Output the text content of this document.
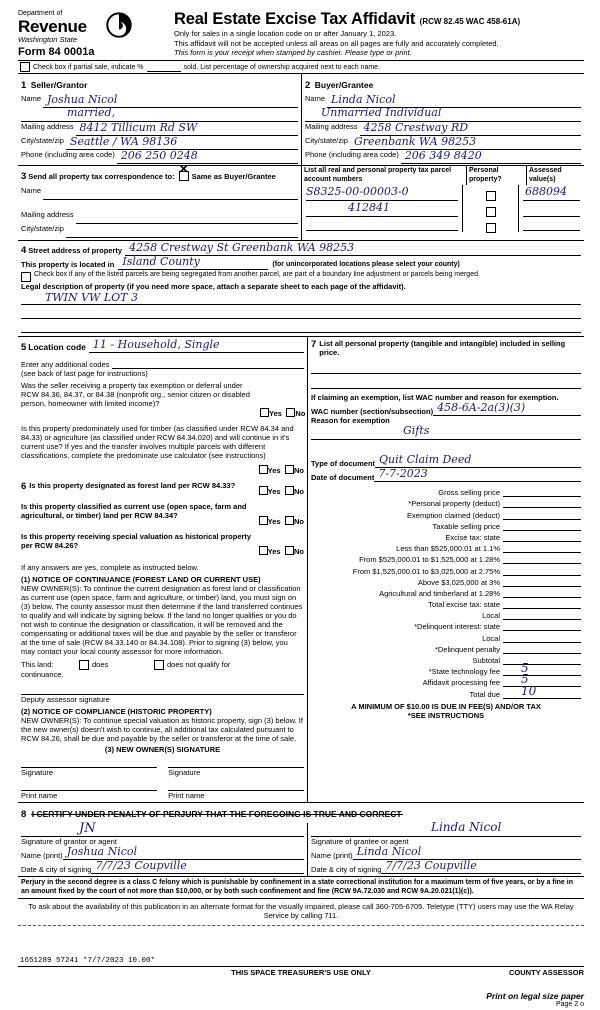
Department of
Revenue
Washington State
Form 84 0001a
Real Estate Excise Tax Affidavit (RCW 82.45 WAC 458-61A)
Only for sales in a single location code on or after January 1, 2023.
This affidavit will not be accepted unless all areas on all pages are fully and accurately completed.
This form is your receipt when stamped by cashier. Please type or print.
Check box if partial sale, indicate %	sold. List percentage of ownership acquired next to each name.
1 Seller/Grantor
Name Joshua Nicol
married,
Mailing address 8412 Tillicum Rd SW
City/state/zip Seattle / WA 98136
Phone (including area code) 206 250 0248
2 Buyer/Grantee
Name Linda Nicol
Unmarried Individual
Mailing address 4258 Crestway RD
City/state/zip Greenbank WA 98253
Phone (including area code) 206 349 8420
3 Send all property tax correspondence to: ✕ Same as Buyer/Grantee
Name
Mailing address
City/state/zip
List all real and personal property tax parcel account numbers
Personal property?
Assessed value(s)
S8325-00-00003-0	688094
412841
4 Street address of property 4258 Crestway St Greenbank WA 98253
This property is located in Island County	(for unincorporated locations please select your county)
Check box if any of the listed parcels are being segregated from another parcel, are part of a boundary line adjustment or parcels being merged.
Legal description of property (if you need more space, attach a separate sheet to each page of the affidavit).
TWIN VW LOT 3
5 Location code 11 - Household, Single
Enter any additional codes
(see back of last page for instructions)
Was the seller receiving a property tax exemption or deferral under RCW 84.36, 84.37, or 84.38 (nonprofit org., senior citizen or disabled person, homeowner with limited income)?
Yes No
Is this property predominately used for timber (as classified under RCW 84.34 and 84.33) or agriculture (as classified under RCW 84.34.020) and will continue in it's current use? If yes and the transfer involves multiple parcels with different classifications, complete the predominate use calculator (see instructions)
Yes No
6 Is this property designated as forest land per RCW 84.33?
Yes No
Is this property classified as current use (open space, farm and agricultural, or timber) land per RCW 84.34?
Yes No
Is this property receiving special valuation as historical property per RCW 84.26?
Yes No
If any answers are yes, complete as instructed below.
(1) NOTICE OF CONTINUANCE (FOREST LAND OR CURRENT USE)
NEW OWNER(S): To continue the current designation as forest land or classification as current use (open space, farm and agriculture, or timber) land, you must sign on (3) below. The county assessor must then determine if the land transferred continues to qualify and will indicate by signing below. If the land no longer qualifies or you do not wish to continue the designation or classification, it will be removed and the compensating or additional taxes will be due and payable by the seller or transferor at the time of sale (RCW 84.33.140 or 84.34.108). Prior to signing (3) below, you may contact your local county assessor for more information.
This land:	does	does not qualify for
continuance.
Deputy assessor signature
(2) NOTICE OF COMPLIANCE (HISTORIC PROPERTY)
NEW OWNER(S): To continue special valuation as historic property, sign (3) below. If the new owner(s) doesn't wish to continue, all additional tax calculated pursuant to RCW 84.26, shall be due and payable by the seller or transferor at the time of sale.
(3) NEW OWNER(S) SIGNATURE
Signature	Signature
Print name	Print name
7 List all personal property (tangible and intangible) included in selling price.
If claiming an exemption, list WAC number and reason for exemption.
WAC number (section/subsection) 458-6A-2a(3)(3)
Reason for exemption
Gifts
Type of document Quit Claim Deed
Date of document 7-7-2023
Gross selling price
*Personal property (deduct)
Exemption claimed (deduct)
Taxable selling price
Excise tax: state
Less than $525,000.01 at 1.1%
From $525,000.01 to $1,525,000 at 1.28%
From $1,525,000.01 to $3,025,000 at 2.75%
Above $3,025,000 at 3%
Agricultural and timberland at 1.28%
Total excise tax: state
Local
*Delinquent interest: state
Local
*Delinquent penalty
Subtotal
*State technology fee 5
Affidavit processing fee 5
Total due 10
A MINIMUM OF $10.00 IS DUE IN FEE(S) AND/OR TAX
*SEE INSTRUCTIONS
8 I CERTIFY UNDER PENALTY OF PERJURY THAT THE FOREGOING IS TRUE AND CORRECT
JN
Signature of grantor or agent
Name (print) Joshua Nicol
Date & city of signing 7/7/23 Coupville
Linda Nicol
Signature of grantee or agent
Name (print) Linda Nicol
Date & city of signing 7/7/23 Coupville
Perjury in the second degree is a class C felony which is punishable by confinement in a state correctional institution for a maximum term of five years, or by a fine in an amount fixed by the court of not more than $10,000, or by both such confinement and fine (RCW 9A.72.030 and RCW 9A.20.021(1)(c)).
To ask about the availability of this publication in an alternate format for the visually impaired, please call 360-705-6705. Teletype (TTY) users may use the WA Relay Service by calling 711.
1651289 57241 *7/7/2023 10.00*
THIS SPACE TREASURER'S USE ONLY	COUNTY ASSESSOR
Print on legal size paper
Page 2 o
